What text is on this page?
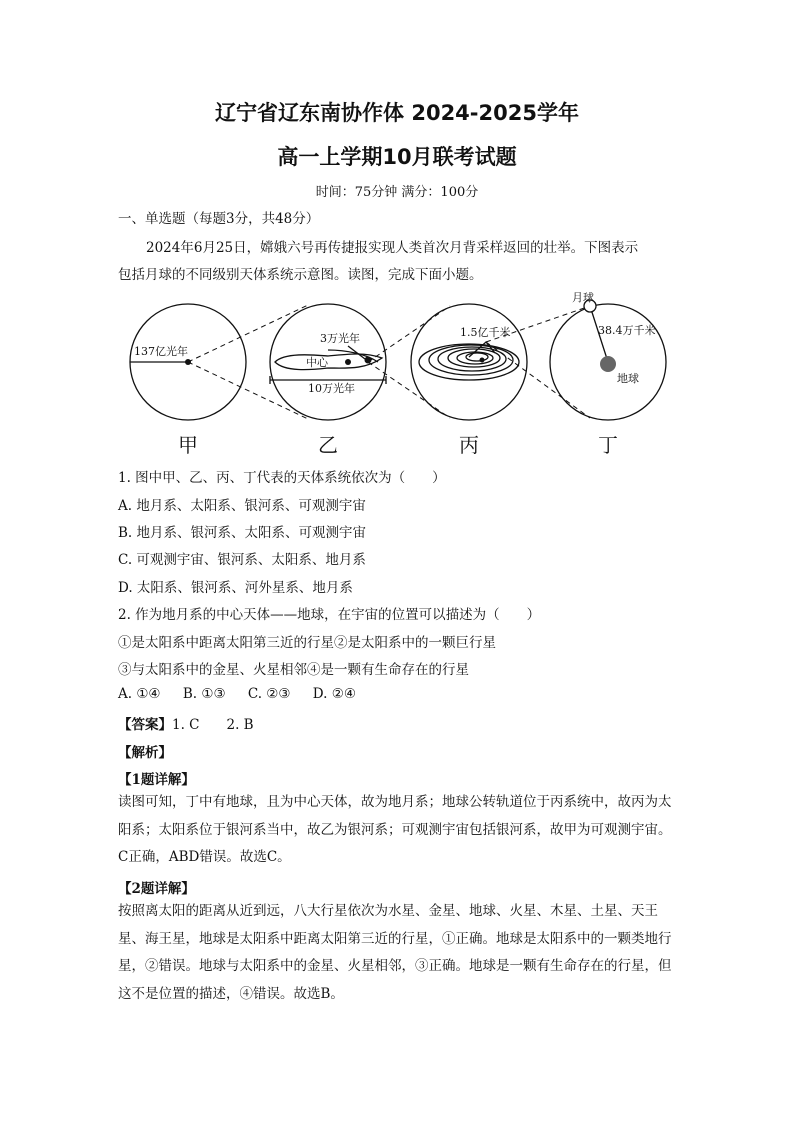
辽宁省辽东南协作体 2024-2025学年
高一上学期10月联考试题
时间：75分钟 满分：100分
一、单选题（每题3分，共48分）
2024年6月25日，嫦娥六号再传捷报实现人类首次月背采样返回的壮举。下图表示
包括月球的不同级别天体系统示意图。读图，完成下面小题。
137亿光年
3万光年
中心
10万光年
1.5亿千米
月球
38.4万千米
地球
甲	乙	丙	丁
1. 图中甲、乙、丙、丁代表的天体系统依次为（　　）
A. 地月系、太阳系、银河系、可观测宇宙
B. 地月系、银河系、太阳系、可观测宇宙
C. 可观测宇宙、银河系、太阳系、地月系
D. 太阳系、银河系、河外星系、地月系
2. 作为地月系的中心天体——地球，在宇宙的位置可以描述为（　　）
①是太阳系中距离太阳第三近的行星②是太阳系中的一颗巨行星
③与太阳系中的金星、火星相邻④是一颗有生命存在的行星
A. ①④ B. ①③ C. ②③ D. ②④
【答案】1. C　　2. B
【解析】
【1题详解】
读图可知，丁中有地球，且为中心天体，故为地月系；地球公转轨道位于丙系统中，故丙为太阳系；太阳系位于银河系当中，故乙为银河系；可观测宇宙包括银河系，故甲为可观测宇宙。C正确，ABD错误。故选C。
【2题详解】
按照离太阳的距离从近到远，八大行星依次为水星、金星、地球、火星、木星、土星、天王星、海王星，地球是太阳系中距离太阳第三近的行星，①正确。地球是太阳系中的一颗类地行星，②错误。地球与太阳系中的金星、火星相邻，③正确。地球是一颗有生命存在的行星，但这不是位置的描述，④错误。故选B。
